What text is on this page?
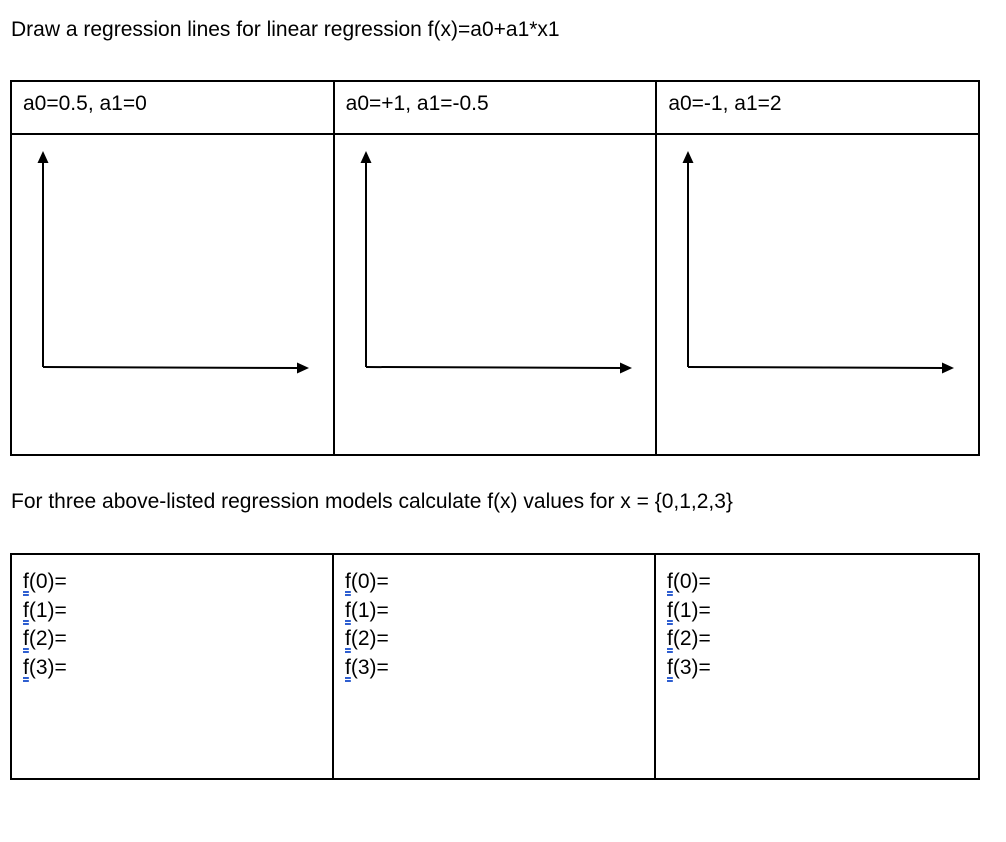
Draw a regression lines for linear regression f(x)=a0+a1*x1
a0=0.5, a1=0	a0=+1, a1=-0.5	a0=-1, a1=2

For three above-listed regression models calculate f(x) values for x = {0,1,2,3}
f(0)=
f(1)=
f(2)=
f(3)=

f(0)=
f(1)=
f(2)=
f(3)=

f(0)=
f(1)=
f(2)=
f(3)=
